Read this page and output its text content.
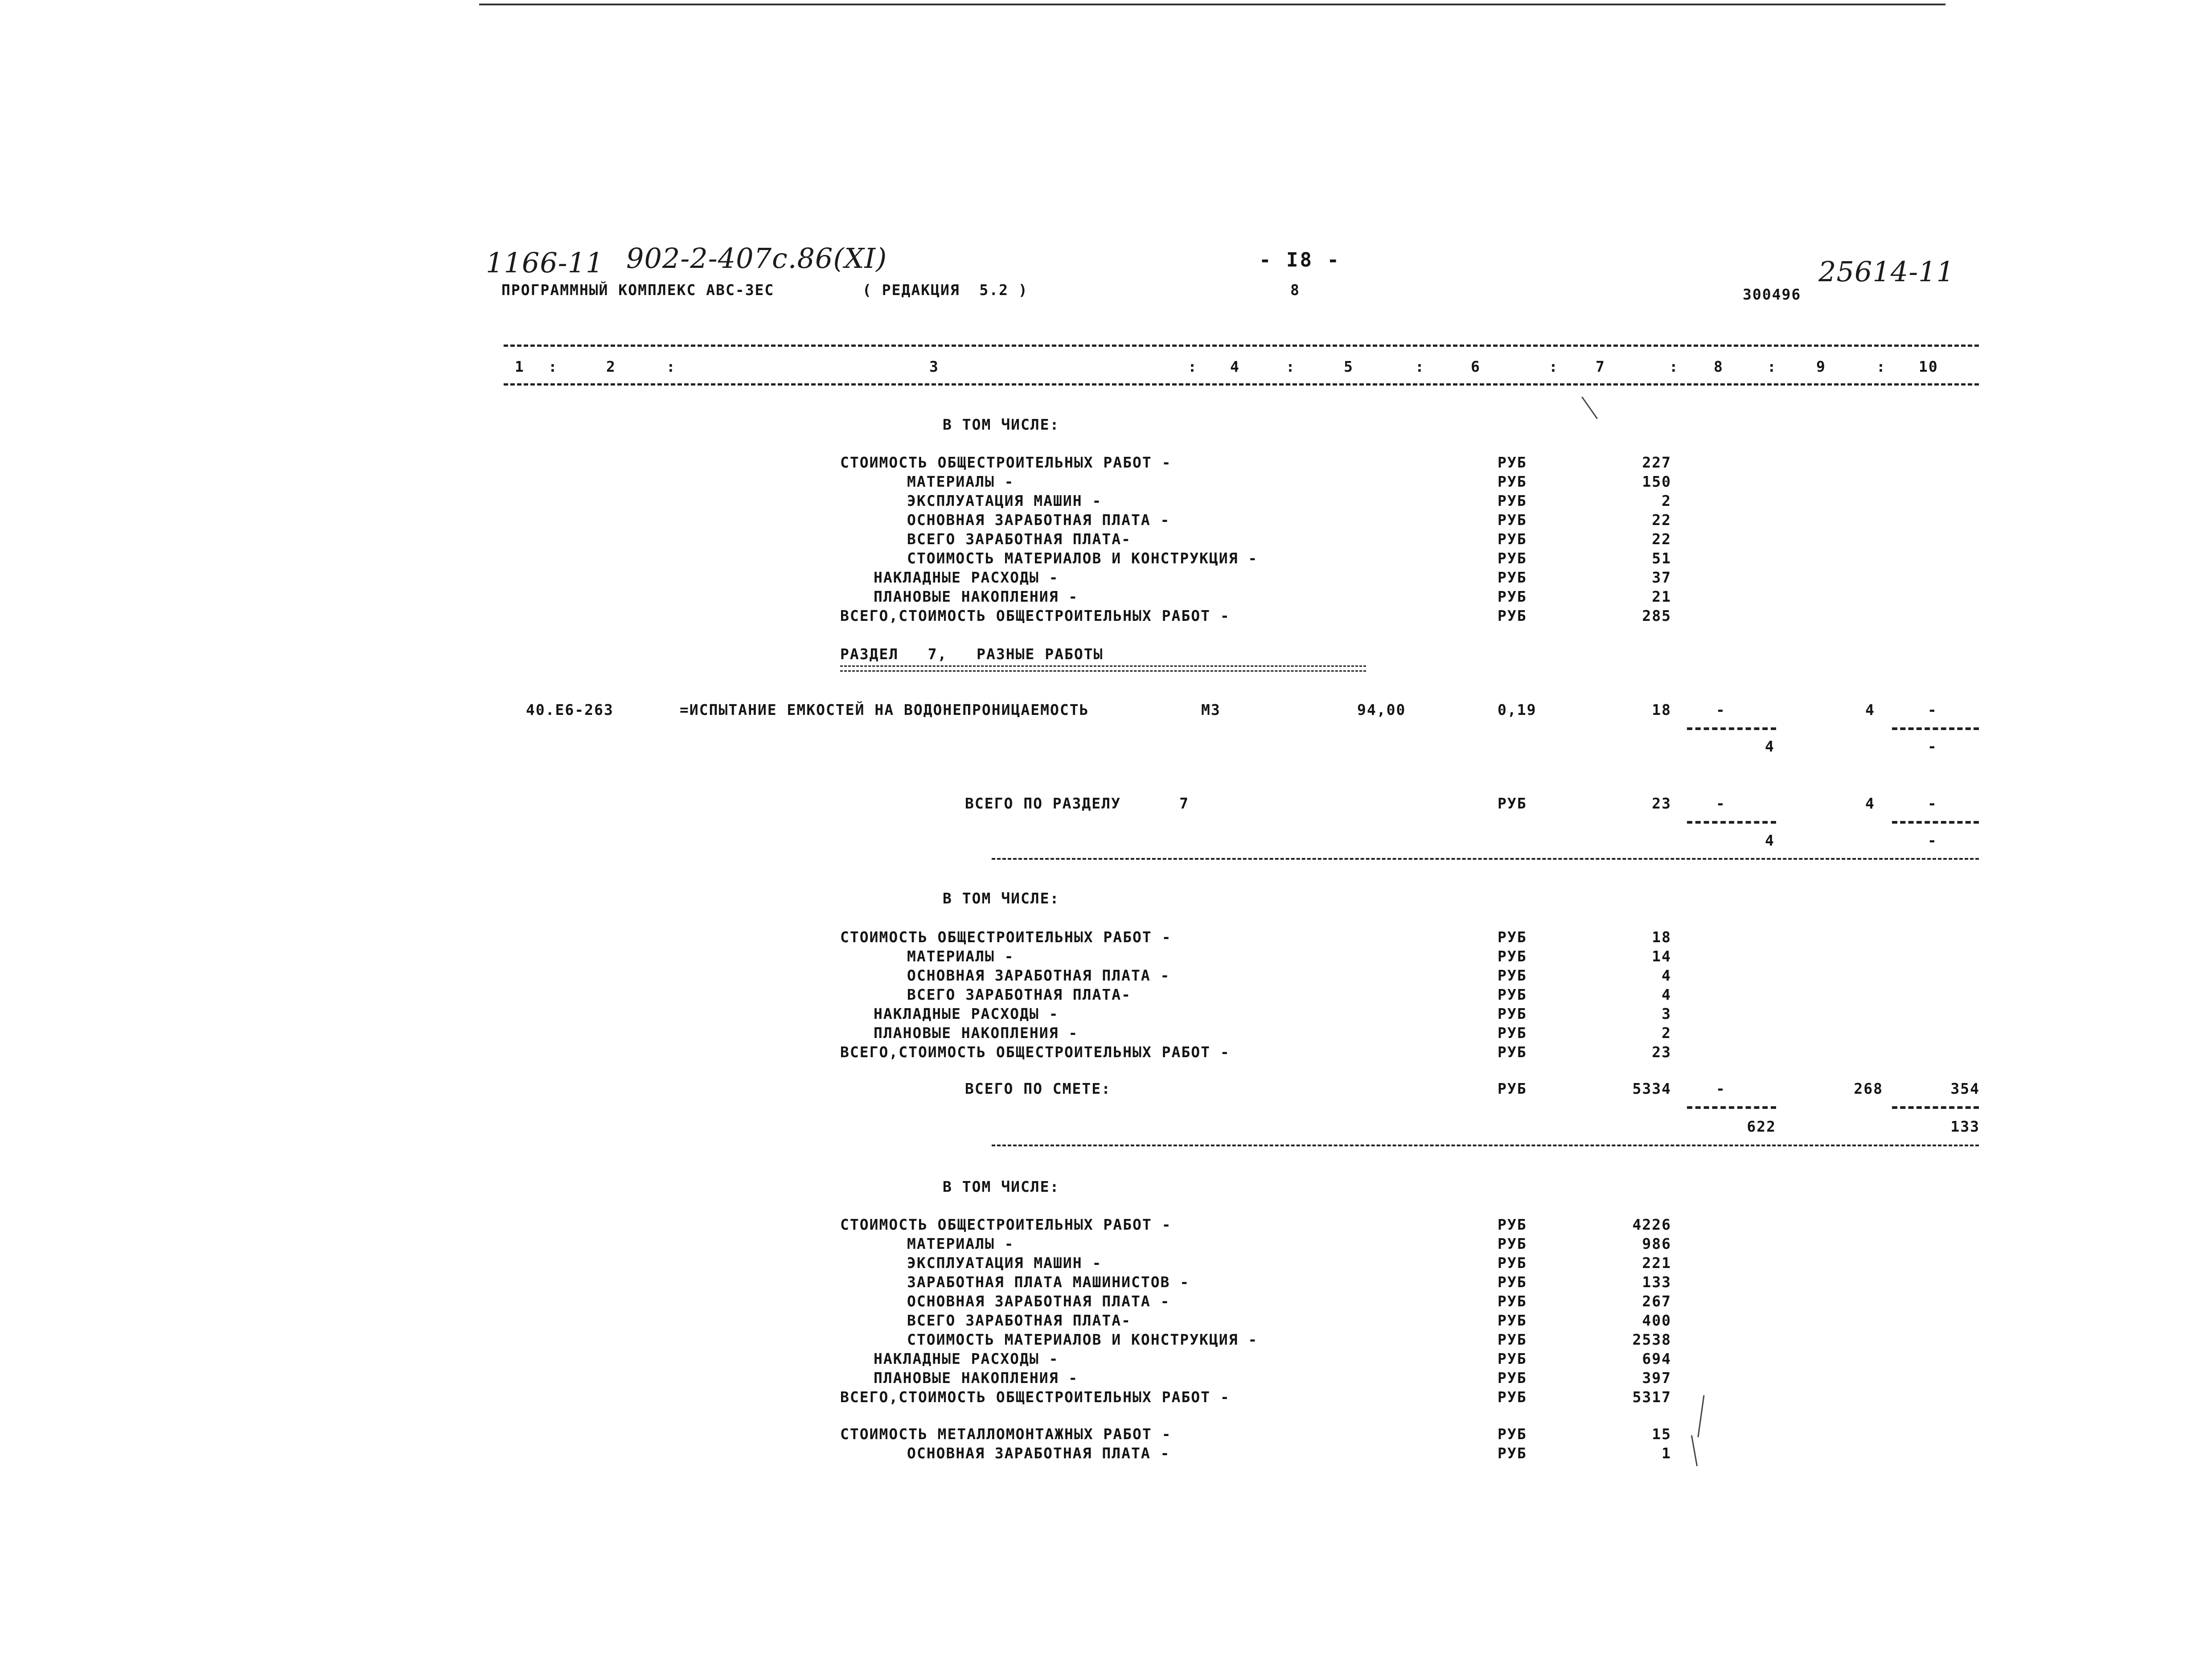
1166-11 902-2-407c.86(XI)	25614-11
ПРОГРАММНЫЙ КОМПЛЕКС АВС-ЗЕС	( РЕДАКЦИЯ  5.2 )
- I8 -
8	300496
1 :	2	:	3	: 4	:	5	:	6	:	7	: 8	:	9	: 10
В ТОМ ЧИСЛЕ:
СТОИМОСТЬ ОБЩЕСТРОИТЕЛЬНЫХ РАБОТ -	РУБ	227
МАТЕРИАЛЫ -	РУБ	150
ЭКСПЛУАТАЦИЯ МАШИН -	РУБ	2
ОСНОВНАЯ ЗАРАБОТНАЯ ПЛАТА -	РУБ	22
ВСЕГО ЗАРАБОТНАЯ ПЛАТА-	РУБ	22
СТОИМОСТЬ МАТЕРИАЛОВ И КОНСТРУКЦИЯ -	РУБ	51
НАКЛАДНЫЕ РАСХОДЫ -	РУБ	37
ПЛАНОВЫЕ НАКОПЛЕНИЯ -	РУБ	21
ВСЕГО,СТОИМОСТЬ ОБЩЕСТРОИТЕЛЬНЫХ РАБОТ -	РУБ	285
РАЗДЕЛ   7,   РАЗНЫЕ РАБОТЫ
40.E6-263	=ИСПЫТАНИЕ ЕМКОСТЕЙ НА ВОДОНЕПРОНИЦАЕМОСТЬ	М3	94,00	0,19	18	-	4	-
4	-
ВСЕГО ПО РАЗДЕЛУ      7	РУБ	23	-	4	-
4	-
В ТОМ ЧИСЛЕ:
СТОИМОСТЬ ОБЩЕСТРОИТЕЛЬНЫХ РАБОТ -	РУБ	18
МАТЕРИАЛЫ -	РУБ	14
ОСНОВНАЯ ЗАРАБОТНАЯ ПЛАТА -	РУБ	4
ВСЕГО ЗАРАБОТНАЯ ПЛАТА-	РУБ	4
НАКЛАДНЫЕ РАСХОДЫ -	РУБ	3
ПЛАНОВЫЕ НАКОПЛЕНИЯ -	РУБ	2
ВСЕГО,СТОИМОСТЬ ОБЩЕСТРОИТЕЛЬНЫХ РАБОТ -	РУБ	23
ВСЕГО ПО СМЕТЕ:	РУБ	5334	-	268	354
622	133
В ТОМ ЧИСЛЕ:
СТОИМОСТЬ ОБЩЕСТРОИТЕЛЬНЫХ РАБОТ -	РУБ	4226
МАТЕРИАЛЫ -	РУБ	986
ЭКСПЛУАТАЦИЯ МАШИН -	РУБ	221
ЗАРАБОТНАЯ ПЛАТА МАШИНИСТОВ -	РУБ	133
ОСНОВНАЯ ЗАРАБОТНАЯ ПЛАТА -	РУБ	267
ВСЕГО ЗАРАБОТНАЯ ПЛАТА-	РУБ	400
СТОИМОСТЬ МАТЕРИАЛОВ И КОНСТРУКЦИЯ -	РУБ	2538
НАКЛАДНЫЕ РАСХОДЫ -	РУБ	694
ПЛАНОВЫЕ НАКОПЛЕНИЯ -	РУБ	397
ВСЕГО,СТОИМОСТЬ ОБЩЕСТРОИТЕЛЬНЫХ РАБОТ -	РУБ	5317
СТОИМОСТЬ МЕТАЛЛОМОНТАЖНЫХ РАБОТ -	РУБ	15
ОСНОВНАЯ ЗАРАБОТНАЯ ПЛАТА -	РУБ	1
